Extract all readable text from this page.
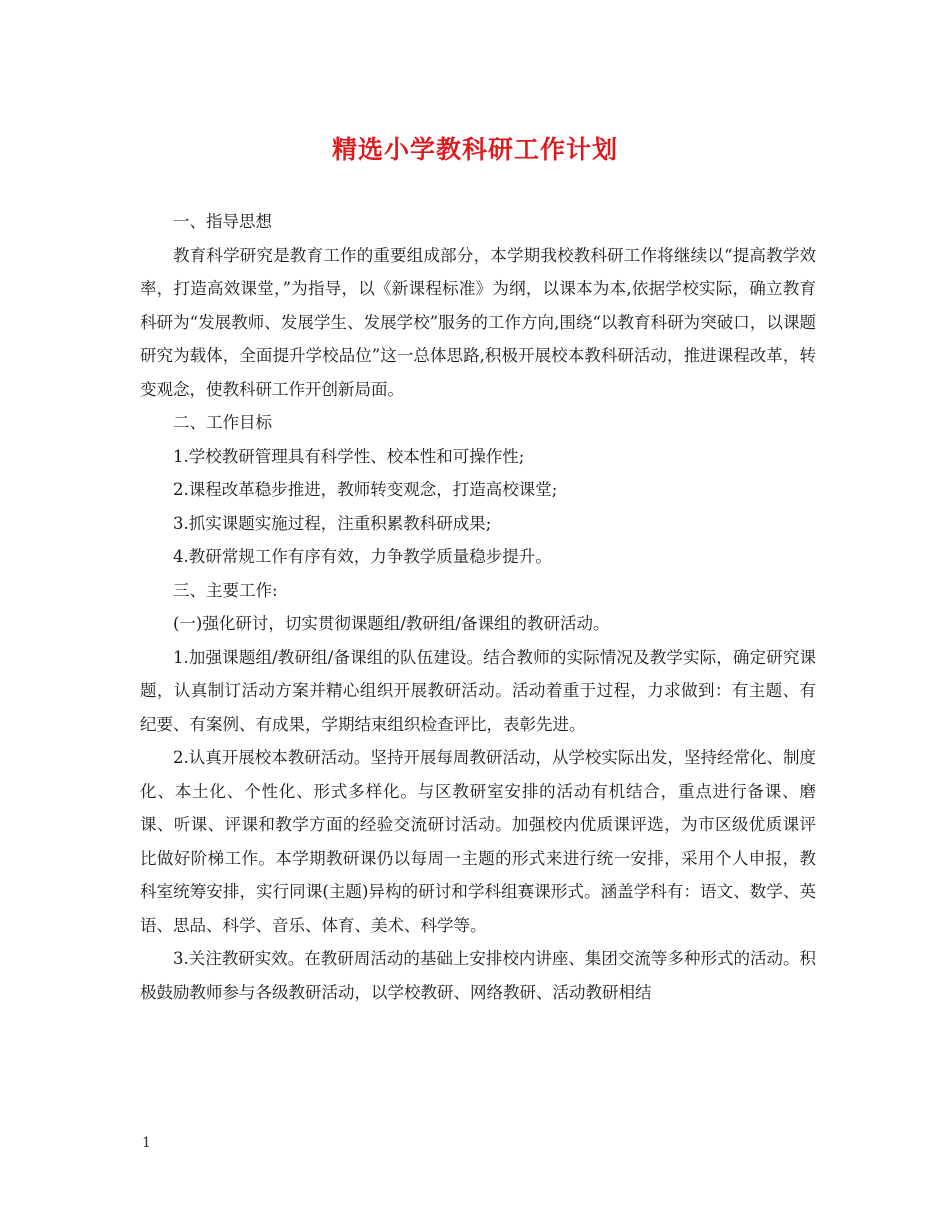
精选小学教科研工作计划

一、指导思想

教育科学研究是教育工作的重要组成部分，本学期我校教科研工作将继续以“提高教学效率，打造高效课堂，”为指导，以《新课程标准》为纲，以课本为本,依据学校实际，确立教育科研为“发展教师、发展学生、发展学校”服务的工作方向,围绕“以教育科研为突破口，以课题研究为载体，全面提升学校品位”这一总体思路,积极开展校本教科研活动，推进课程改革，转变观念，使教科研工作开创新局面。

二、工作目标

1.学校教研管理具有科学性、校本性和可操作性;

2.课程改革稳步推进，教师转变观念，打造高校课堂;

3.抓实课题实施过程，注重积累教科研成果;

4.教研常规工作有序有效，力争教学质量稳步提升。

三、主要工作:

(一)强化研讨，切实贯彻课题组/教研组/备课组的教研活动。

1.加强课题组/教研组/备课组的队伍建设。结合教师的实际情况及教学实际，确定研究课题，认真制订活动方案并精心组织开展教研活动。活动着重于过程，力求做到：有主题、有纪要、有案例、有成果，学期结束组织检查评比，表彰先进。

2.认真开展校本教研活动。坚持开展每周教研活动，从学校实际出发，坚持经常化、制度化、本土化、个性化、形式多样化。与区教研室安排的活动有机结合，重点进行备课、磨课、听课、评课和教学方面的经验交流研讨活动。加强校内优质课评选，为市区级优质课评比做好阶梯工作。本学期教研课仍以每周一主题的形式来进行统一安排，采用个人申报，教科室统筹安排，实行同课(主题)异构的研讨和学科组赛课形式。涵盖学科有：语文、数学、英语、思品、科学、音乐、体育、美术、科学等。

3.关注教研实效。在教研周活动的基础上安排校内讲座、集团交流等多种形式的活动。积极鼓励教师参与各级教研活动，以学校教研、网络教研、活动教研相结

1
